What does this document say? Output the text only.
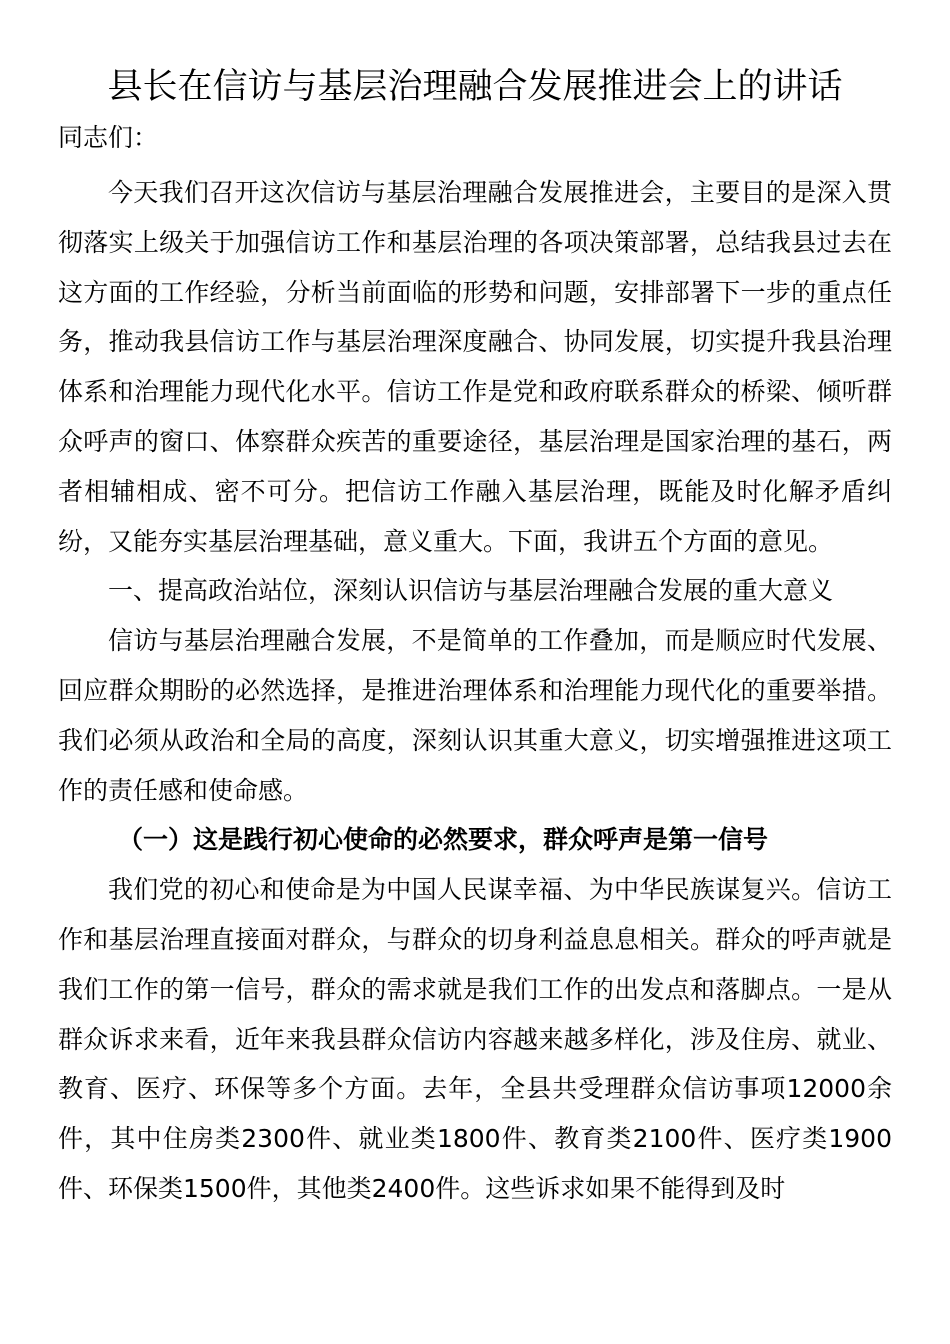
县长在信访与基层治理融合发展推进会上的讲话

同志们：

今天我们召开这次信访与基层治理融合发展推进会，主要目的是深入贯彻落实上级关于加强信访工作和基层治理的各项决策部署，总结我县过去在这方面的工作经验，分析当前面临的形势和问题，安排部署下一步的重点任务，推动我县信访工作与基层治理深度融合、协同发展，切实提升我县治理体系和治理能力现代化水平。信访工作是党和政府联系群众的桥梁、倾听群众呼声的窗口、体察群众疾苦的重要途径，基层治理是国家治理的基石，两者相辅相成、密不可分。把信访工作融入基层治理，既能及时化解矛盾纠纷，又能夯实基层治理基础，意义重大。下面，我讲五个方面的意见。

一、提高政治站位，深刻认识信访与基层治理融合发展的重大意义

信访与基层治理融合发展，不是简单的工作叠加，而是顺应时代发展、回应群众期盼的必然选择，是推进治理体系和治理能力现代化的重要举措。我们必须从政治和全局的高度，深刻认识其重大意义，切实增强推进这项工作的责任感和使命感。

（一）这是践行初心使命的必然要求，群众呼声是第一信号

我们党的初心和使命是为中国人民谋幸福、为中华民族谋复兴。信访工作和基层治理直接面对群众，与群众的切身利益息息相关。群众的呼声就是我们工作的第一信号，群众的需求就是我们工作的出发点和落脚点。一是从群众诉求来看，近年来我县群众信访内容越来越多样化，涉及住房、就业、教育、医疗、环保等多个方面。去年，全县共受理群众信访事项12000余件，其中住房类2300件、就业类1800件、教育类2100件、医疗类1900件、环保类1500件，其他类2400件。这些诉求如果不能得到及时
